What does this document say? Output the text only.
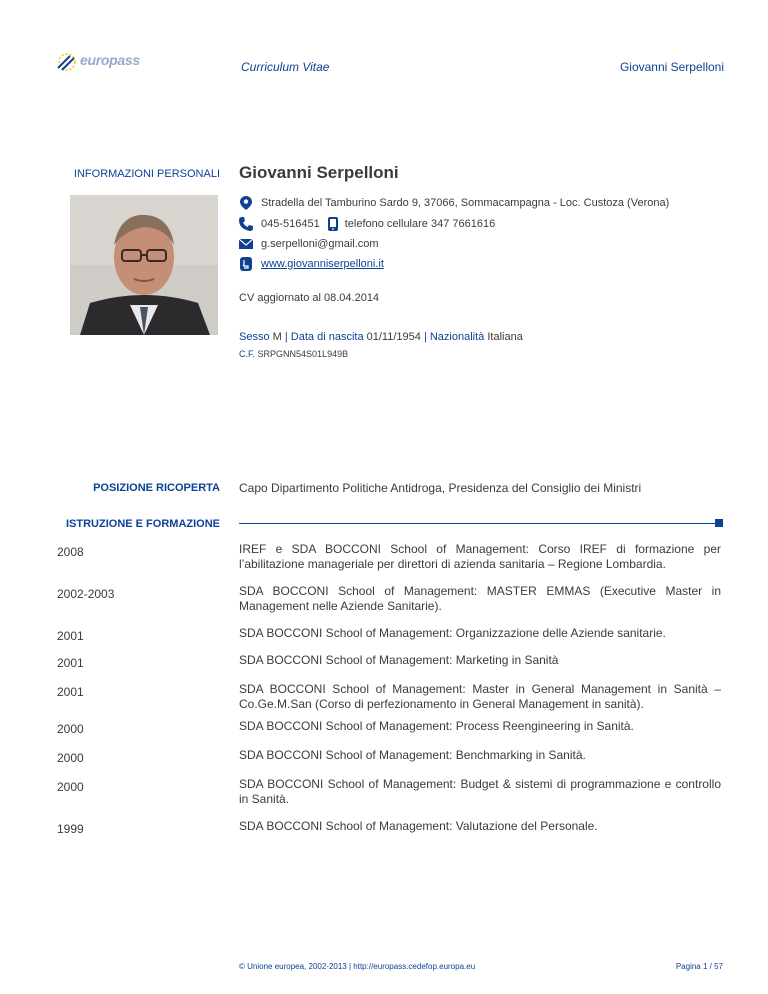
europass	Curriculum Vitae	Giovanni Serpelloni
INFORMAZIONI PERSONALI Giovanni Serpelloni
Stradella del Tamburino Sardo 9, 37066, Sommacampagna - Loc. Custoza (Verona)
045-516451 telefono cellulare 347 7661616
g.serpelloni@gmail.com
www.giovanniserpelloni.it
CV aggiornato al 08.04.2014
Sesso M | Data di nascita 01/11/1954 | Nazionalità Italiana
C.F. SRPGNN54S01L949B
POSIZIONE RICOPERTA Capo Dipartimento Politiche Antidroga, Presidenza del Consiglio dei Ministri
ISTRUZIONE E FORMAZIONE
2008	IREF e SDA BOCCONI School of Management: Corso IREF di formazione per l’abilitazione manageriale per direttori di azienda sanitaria – Regione Lombardia.
2002-2003	SDA BOCCONI School of Management: MASTER EMMAS (Executive Master in Management nelle Aziende Sanitarie).
2001	SDA BOCCONI School of Management: Organizzazione delle Aziende sanitarie.
2001	SDA BOCCONI School of Management: Marketing in Sanità
2001	SDA BOCCONI School of Management: Master in General Management in Sanità – Co.Ge.M.San (Corso di perfezionamento in General Management in sanità).
2000	SDA BOCCONI School of Management: Process Reengineering in Sanità.
2000	SDA BOCCONI School of Management: Benchmarking in Sanità.
2000	SDA BOCCONI School of Management: Budget & sistemi di programmazione e controllo in Sanità.
1999	SDA BOCCONI School of Management: Valutazione del Personale.
© Unione europea, 2002-2013 | http://europass.cedefop.europa.eu	Pagina 1 / 57
